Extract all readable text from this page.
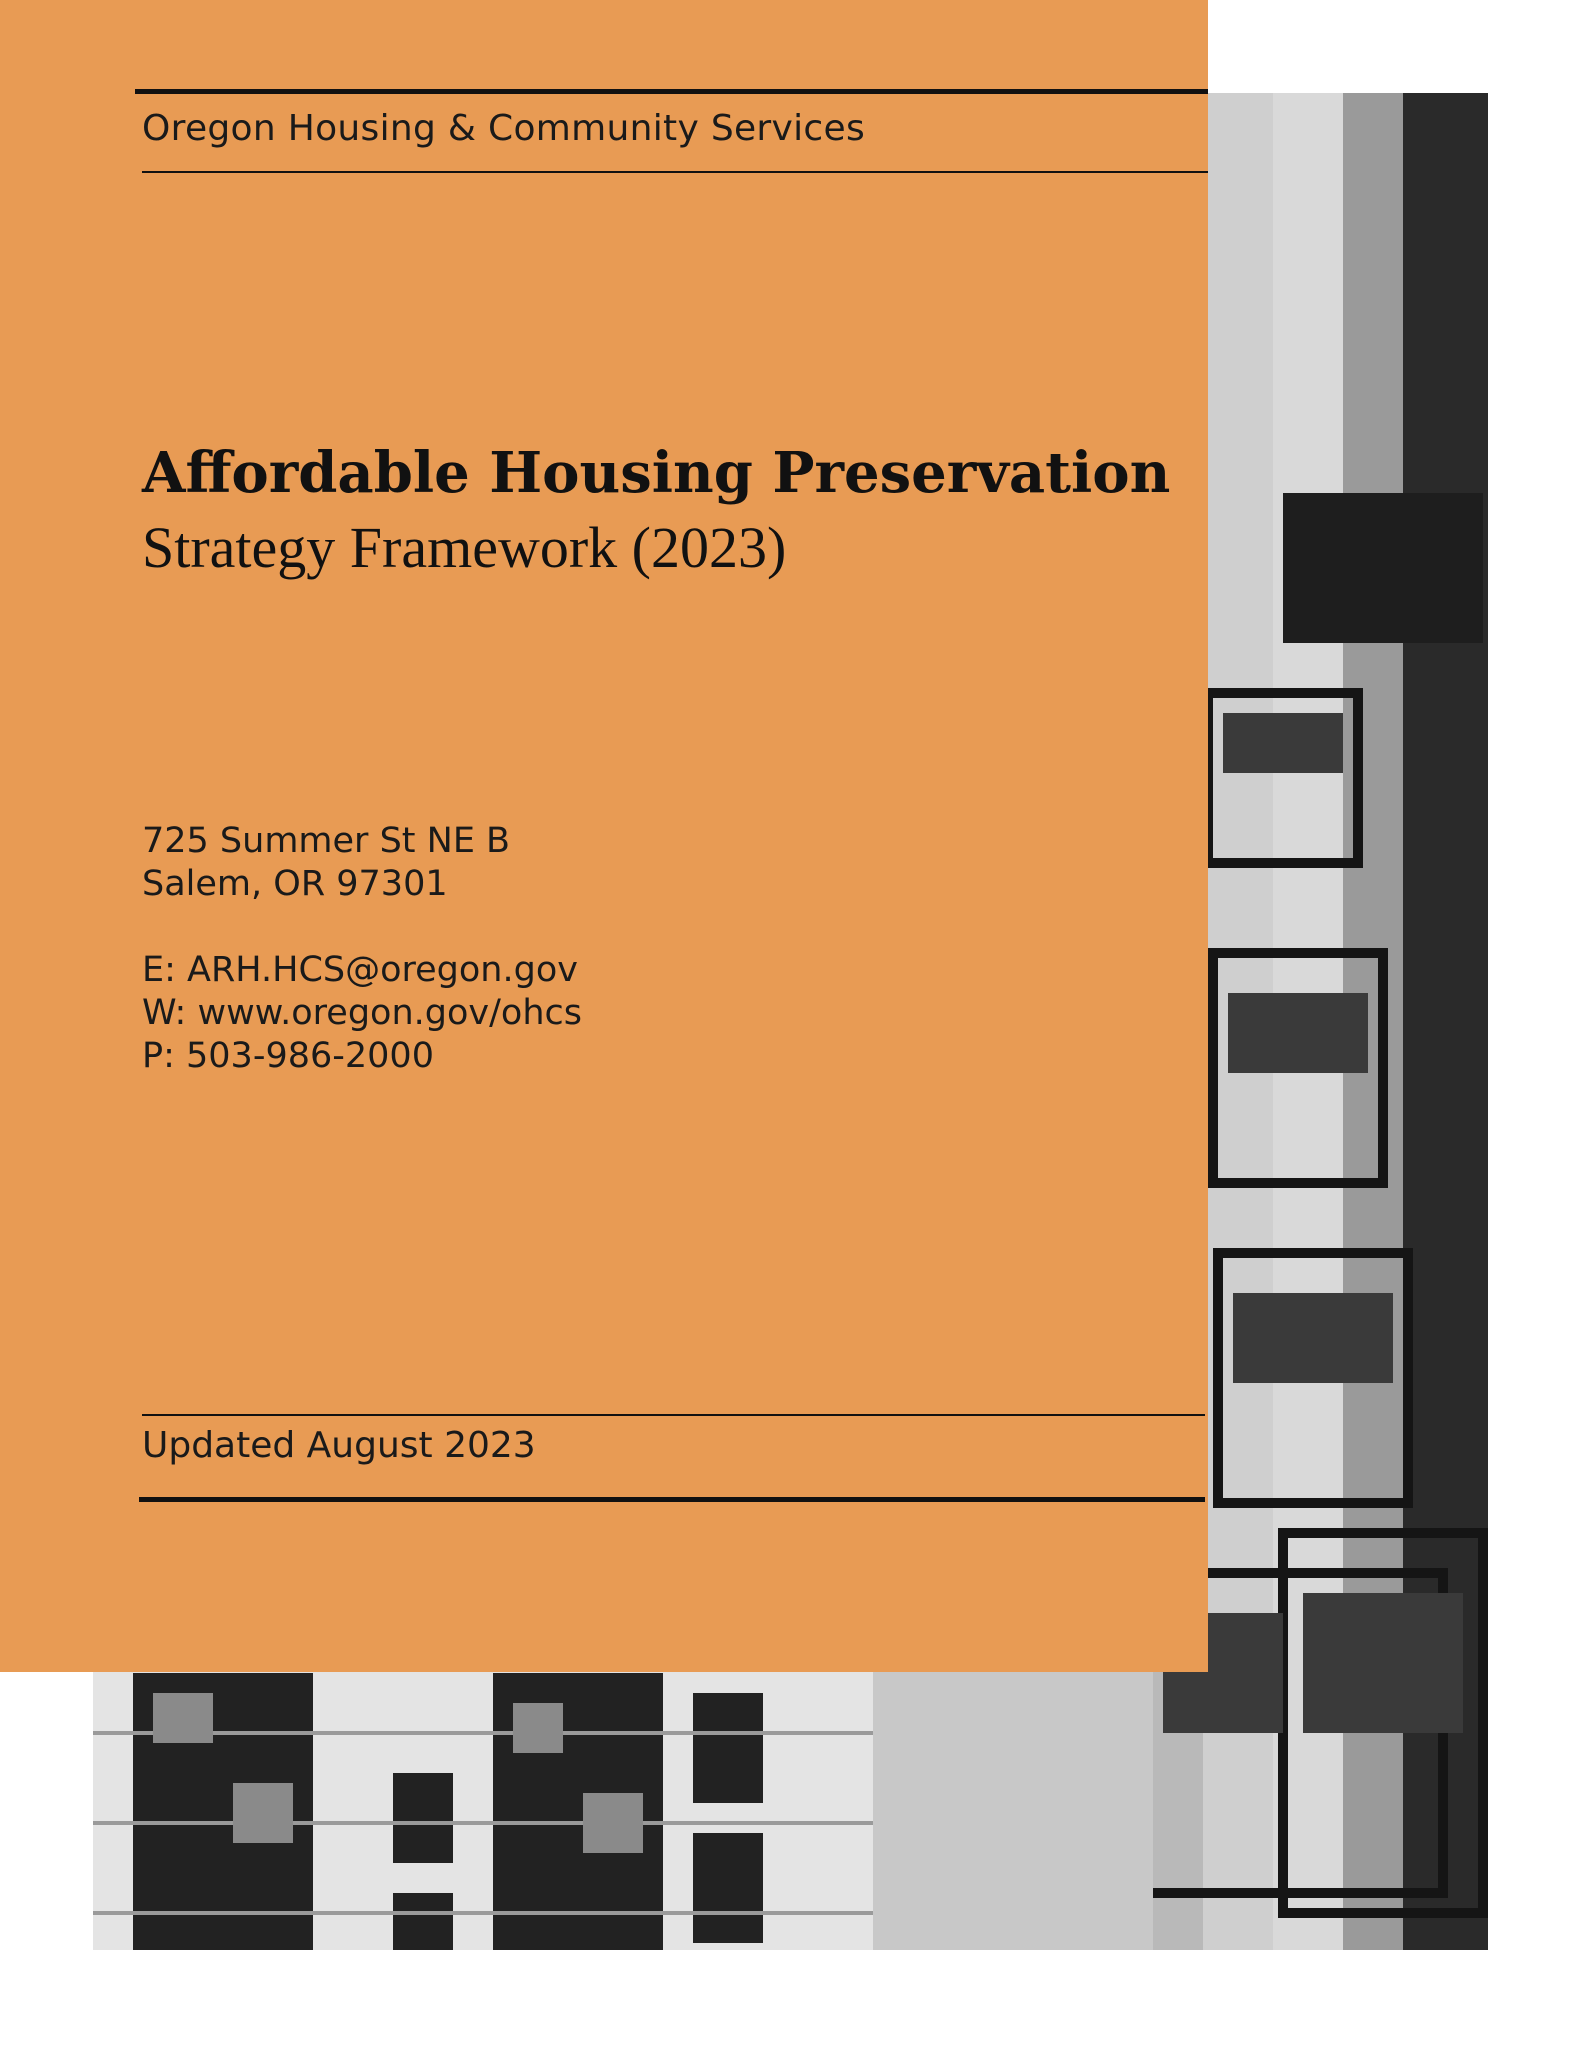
Oregon Housing & Community Services
Affordable Housing Preservation
Strategy Framework (2023)
725 Summer St NE B
Salem, OR 97301
E: ARH.HCS@oregon.gov
W: www.oregon.gov/ohcs
P: 503-986-2000
Updated August 2023
